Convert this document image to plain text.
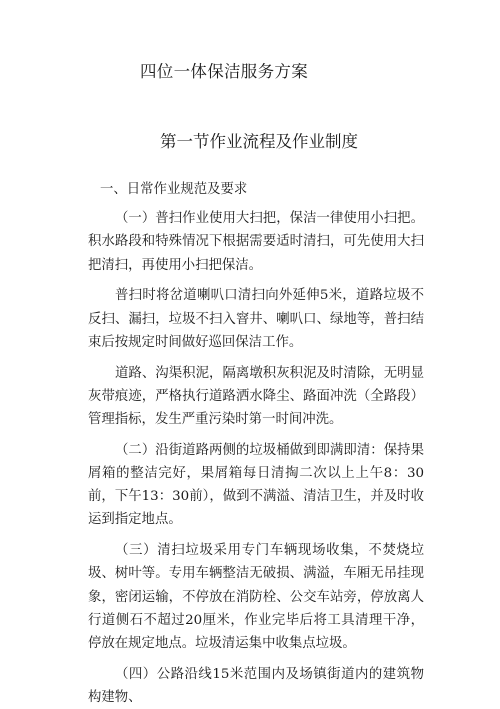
四位一体保洁服务方案
第一节作业流程及作业制度

一、日常作业规范及要求

（一）普扫作业使用大扫把，保洁一律使用小扫把。积水路段和特殊情况下根据需要适时清扫，可先使用大扫把清扫，再使用小扫把保洁。

普扫时将岔道喇叭口清扫向外延伸5米，道路垃圾不反扫、漏扫，垃圾不扫入窨井、喇叭口、绿地等，普扫结束后按规定时间做好巡回保洁工作。

道路、沟渠积泥，隔离墩积灰积泥及时清除，无明显灰带痕迹，严格执行道路洒水降尘、路面冲洗（全路段）管理指标，发生严重污染时第一时间冲洗。

（二）沿街道路两侧的垃圾桶做到即满即清：保持果屑箱的整洁完好，果屑箱每日清掏二次以上上午8：30前，下午13：30前），做到不满溢、清洁卫生，并及时收运到指定地点。

（三）清扫垃圾采用专门车辆现场收集，不焚烧垃圾、树叶等。专用车辆整洁无破损、满溢，车厢无吊挂现象，密闭运输，不停放在消防栓、公交车站旁，停放离人行道侧石不超过20厘米，作业完毕后将工具清理干净，停放在规定地点。垃圾清运集中收集点垃圾。

（四）公路沿线15米范围内及场镇街道内的建筑物构建物、
